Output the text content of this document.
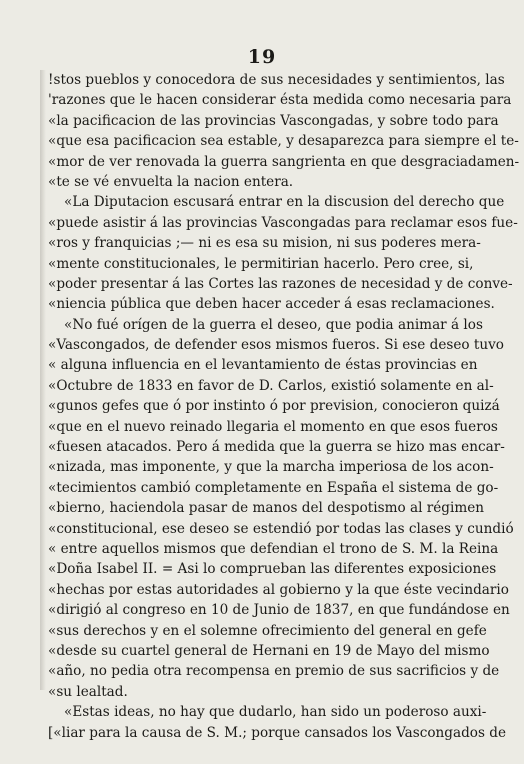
19
!stos pueblos y conocedora de sus necesidades y sentimientos, las
'razones que le hacen considerar ésta medida como necesaria para
«la pacificacion de las provincias Vascongadas, y sobre todo para
«que esa pacificacion sea estable, y desaparezca para siempre el te-
«mor de ver renovada la guerra sangrienta en que desgraciadamen-
«te se vé envuelta la nacion entera.
«La Diputacion escusará entrar en la discusion del derecho que
«puede asistir á las provincias Vascongadas para reclamar esos fue-
«ros y franquicias ;— ni es esa su mision, ni sus poderes mera-
«mente constitucionales, le permitirian hacerlo. Pero cree, si,
«poder presentar á las Cortes las razones de necesidad y de conve-
«niencia pública que deben hacer acceder á esas reclamaciones.
«No fué orígen de la guerra el deseo, que podia animar á los
«Vascongados, de defender esos mismos fueros. Si ese deseo tuvo
« alguna influencia en el levantamiento de éstas provincias en
«Octubre de 1833 en favor de D. Carlos, existió solamente en al-
«gunos gefes que ó por instinto ó por prevision, conocieron quizá
«que en el nuevo reinado llegaria el momento en que esos fueros
«fuesen atacados. Pero á medida que la guerra se hizo mas encar-
«nizada, mas imponente, y que la marcha imperiosa de los acon-
«tecimientos cambió completamente en España el sistema de go-
«bierno, haciendola pasar de manos del despotismo al régimen
«constitucional, ese deseo se estendió por todas las clases y cundió
« entre aquellos mismos que defendian el trono de S. M. la Reina
«Doña Isabel II. = Asi lo comprueban las diferentes exposiciones
«hechas por estas autoridades al gobierno y la que éste vecindario
«dirigió al congreso en 10 de Junio de 1837, en que fundándose en
«sus derechos y en el solemne ofrecimiento del general en gefe
«desde su cuartel general de Hernani en 19 de Mayo del mismo
«año, no pedia otra recompensa en premio de sus sacrificios y de
«su lealtad.
«Estas ideas, no hay que dudarlo, han sido un poderoso auxi-
[«liar para la causa de S. M.; porque cansados los Vascongados de
